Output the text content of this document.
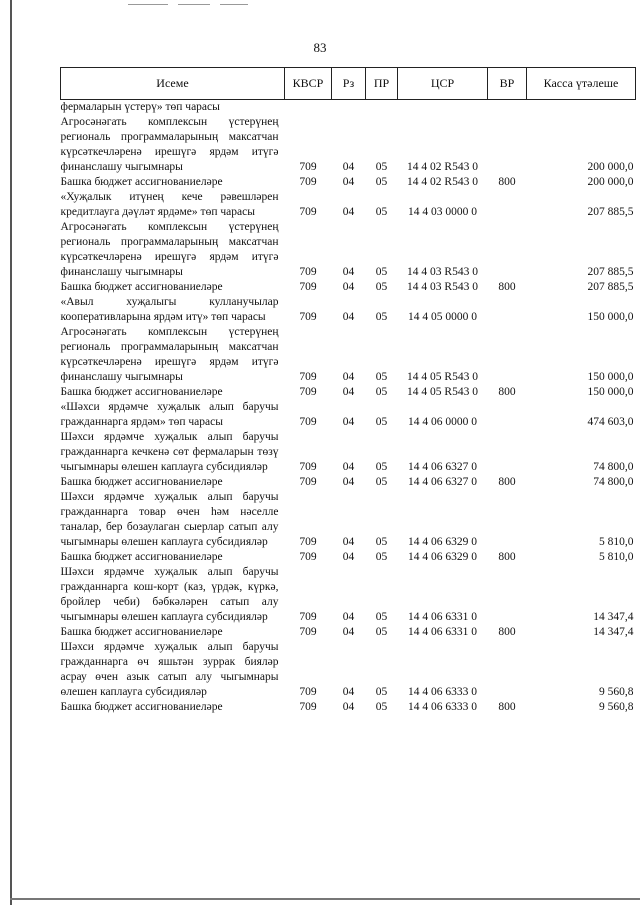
83
Исеме	КВСР	Рз	ПР	ЦСР	ВР	Касса үтәлеше
фермаларын үстерү» төп чарасы						
Агросәнәгать комплексын үстерүнең региональ программаларының максатчан күрсәткечләренә ирешүгә ярдәм итүгә финанслашу чыгымнары	709	04	05	14 4 02 R543 0		200 000,0
Башка бюджет ассигнованиеләре	709	04	05	14 4 02 R543 0	800	200 000,0
«Хуҗалык итүнең кече рәвешләрен кредитлауга дәүләт ярдәме» төп чарасы	709	04	05	14 4 03 0000 0		207 885,5
Агросәнәгать комплексын үстерүнең региональ программаларының максатчан күрсәткечләренә ирешүгә ярдәм итүгә финанслашу чыгымнары	709	04	05	14 4 03 R543 0		207 885,5
Башка бюджет ассигнованиеләре	709	04	05	14 4 03 R543 0	800	207 885,5
«Авыл хуҗалыгы кулланучылар кооперативларына ярдәм итү» төп чарасы	709	04	05	14 4 05 0000 0		150 000,0
Агросәнәгать комплексын үстерүнең региональ программаларының максатчан күрсәткечләренә ирешүгә ярдәм итүгә финанслашу чыгымнары	709	04	05	14 4 05 R543 0		150 000,0
Башка бюджет ассигнованиеләре	709	04	05	14 4 05 R543 0	800	150 000,0
«Шәхси ярдәмче хуҗалык алып баручы гражданнарга ярдәм» төп чарасы	709	04	05	14 4 06 0000 0		474 603,0
Шәхси ярдәмче хуҗалык алып баручы гражданнарга кечкенә сөт фермаларын төзү чыгымнары өлешен каплауга субсидияләр	709	04	05	14 4 06 6327 0		74 800,0
Башка бюджет ассигнованиеләре	709	04	05	14 4 06 6327 0	800	74 800,0
Шәхси ярдәмче хуҗалык алып баручы гражданнарга товар өчен һәм нәселле таналар, бер бозаулаган сыерлар сатып алу чыгымнары өлешен каплауга субсидияләр	709	04	05	14 4 06 6329 0		5 810,0
Башка бюджет ассигнованиеләре	709	04	05	14 4 06 6329 0	800	5 810,0
Шәхси ярдәмче хуҗалык алып баручы гражданнарга кош-корт (каз, үрдәк, күркә, бройлер чеби) бәбкәләрен сатып алу чыгымнары өлешен каплауга субсидияләр	709	04	05	14 4 06 6331 0		14 347,4
Башка бюджет ассигнованиеләре	709	04	05	14 4 06 6331 0	800	14 347,4
Шәхси ярдәмче хуҗалык алып баручы гражданнарга өч яшьтән зуррак бияләр асрау өчен азык сатып алу чыгымнары өлешен каплауга субсидияләр	709	04	05	14 4 06 6333 0		9 560,8
Башка бюджет ассигнованиеләре	709	04	05	14 4 06 6333 0	800	9 560,8
